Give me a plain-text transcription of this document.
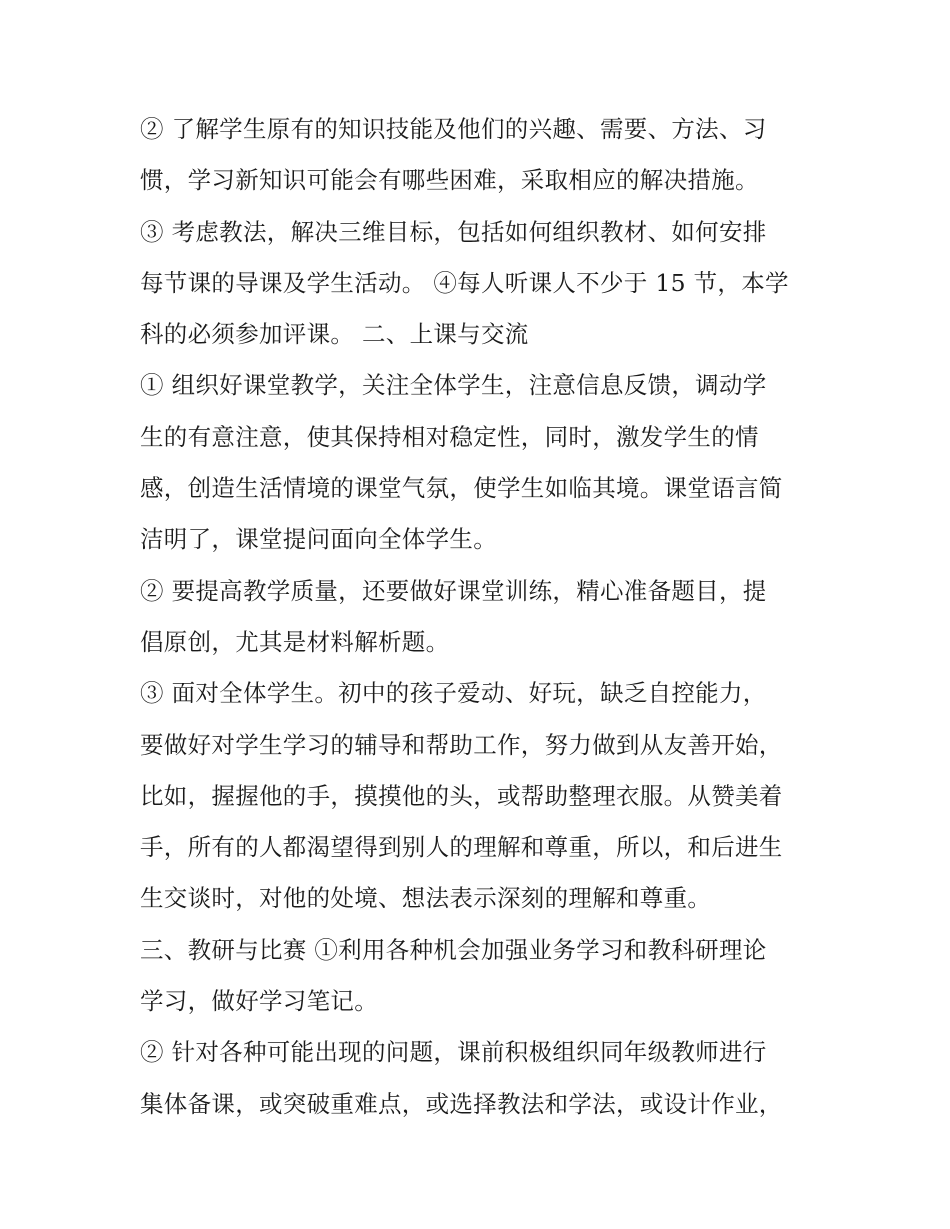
② 了解学生原有的知识技能及他们的兴趣、需要、方法、习
惯，学习新知识可能会有哪些困难，采取相应的解决措施。
③ 考虑教法，解决三维目标，包括如何组织教材、如何安排
每节课的导课及学生活动。 ④每人听课人不少于 15 节，本学
科的必须参加评课。 二、上课与交流
① 组织好课堂教学，关注全体学生，注意信息反馈，调动学
生的有意注意，使其保持相对稳定性，同时，激发学生的情
感，创造生活情境的课堂气氛，使学生如临其境。课堂语言简
洁明了，课堂提问面向全体学生。
② 要提高教学质量，还要做好课堂训练，精心准备题目，提
倡原创，尤其是材料解析题。
③ 面对全体学生。初中的孩子爱动、好玩，缺乏自控能力，
要做好对学生学习的辅导和帮助工作，努力做到从友善开始，
比如，握握他的手，摸摸他的头，或帮助整理衣服。从赞美着
手，所有的人都渴望得到别人的理解和尊重，所以，和后进生
生交谈时，对他的处境、想法表示深刻的理解和尊重。
三、教研与比赛 ①利用各种机会加强业务学习和教科研理论
学习，做好学习笔记。
② 针对各种可能出现的问题，课前积极组织同年级教师进行
集体备课，或突破重难点，或选择教法和学法，或设计作业，
